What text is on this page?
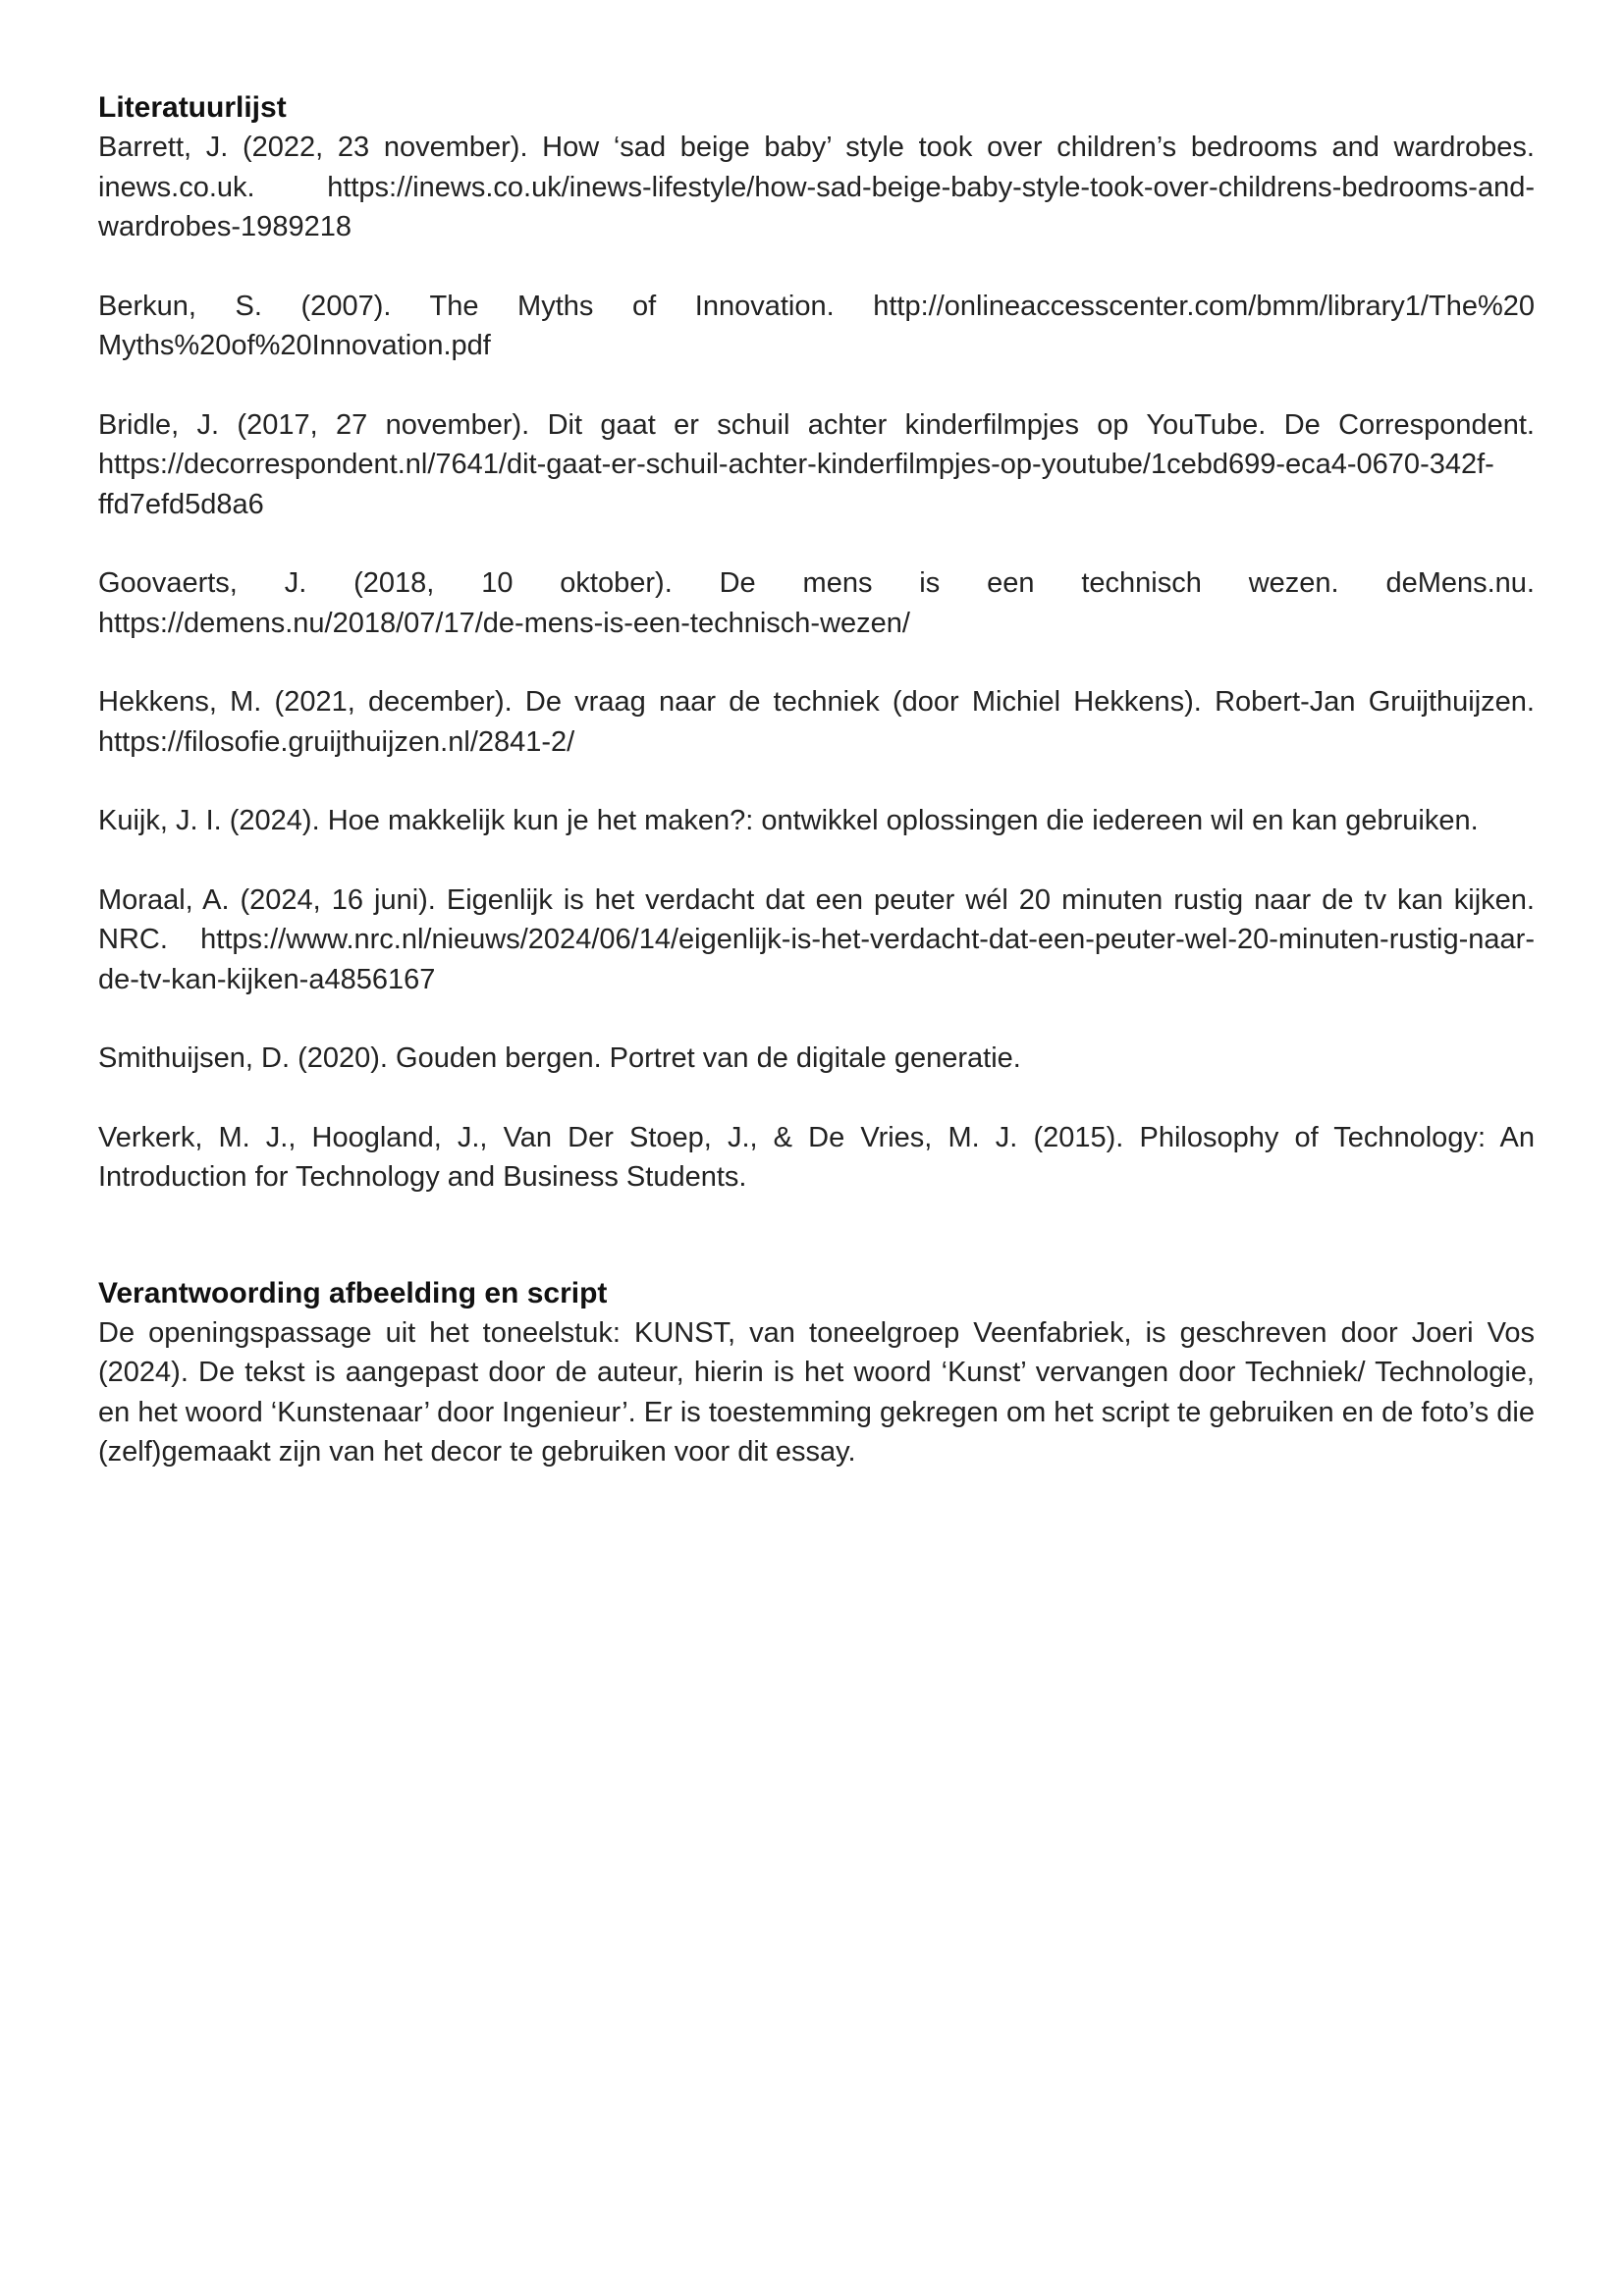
Literatuurlijst

Barrett, J. (2022, 23 november). How ‘sad beige baby’ style took over children’s bedrooms and wardrobes. inews.co.uk. https://inews.co.uk/inews-lifestyle/how-sad-beige-baby-style-took-over-childrens-bedrooms-and-wardrobes-1989218

Berkun, S. (2007). The Myths of Innovation. http://onlineaccesscenter.com/bmm/library1/The%20 Myths%20of%20Innovation.pdf

Bridle, J. (2017, 27 november). Dit gaat er schuil achter kinderfilmpjes op YouTube. De Correspondent. https://decorrespondent.nl/7641/dit-gaat-er-schuil-achter-kinderfilmpjes-op-youtube/1cebd699-eca4-0670-342f-ffd7efd5d8a6

Goovaerts, J. (2018, 10 oktober). De mens is een technisch wezen. deMens.nu. https://demens.nu/2018/07/17/de-mens-is-een-technisch-wezen/

Hekkens, M. (2021, december). De vraag naar de techniek (door Michiel Hekkens). Robert-Jan Gruijthuijzen. https://filosofie.gruijthuijzen.nl/2841-2/

Kuijk, J. I. (2024). Hoe makkelijk kun je het maken?: ontwikkel oplossingen die iedereen wil en kan gebruiken.

Moraal, A. (2024, 16 juni). Eigenlijk is het verdacht dat een peuter wél 20 minuten rustig naar de tv kan kijken. NRC. https://www.nrc.nl/nieuws/2024/06/14/eigenlijk-is-het-verdacht-dat-een-peuter-wel-20-minuten-rustig-naar-de-tv-kan-kijken-a4856167

Smithuijsen, D. (2020). Gouden bergen. Portret van de digitale generatie.

Verkerk, M. J., Hoogland, J., Van Der Stoep, J., & De Vries, M. J. (2015). Philosophy of Technology: An Introduction for Technology and Business Students.

Verantwoording afbeelding en script

De openingspassage uit het toneelstuk: KUNST, van toneelgroep Veenfabriek, is geschreven door Joeri Vos (2024). De tekst is aangepast door de auteur, hierin is het woord ‘Kunst’ vervangen door Techniek/ Technologie, en het woord ‘Kunstenaar’ door Ingenieur’. Er is toestemming gekregen om het script te gebruiken en de foto’s die (zelf)gemaakt zijn van het decor te gebruiken voor dit essay.
